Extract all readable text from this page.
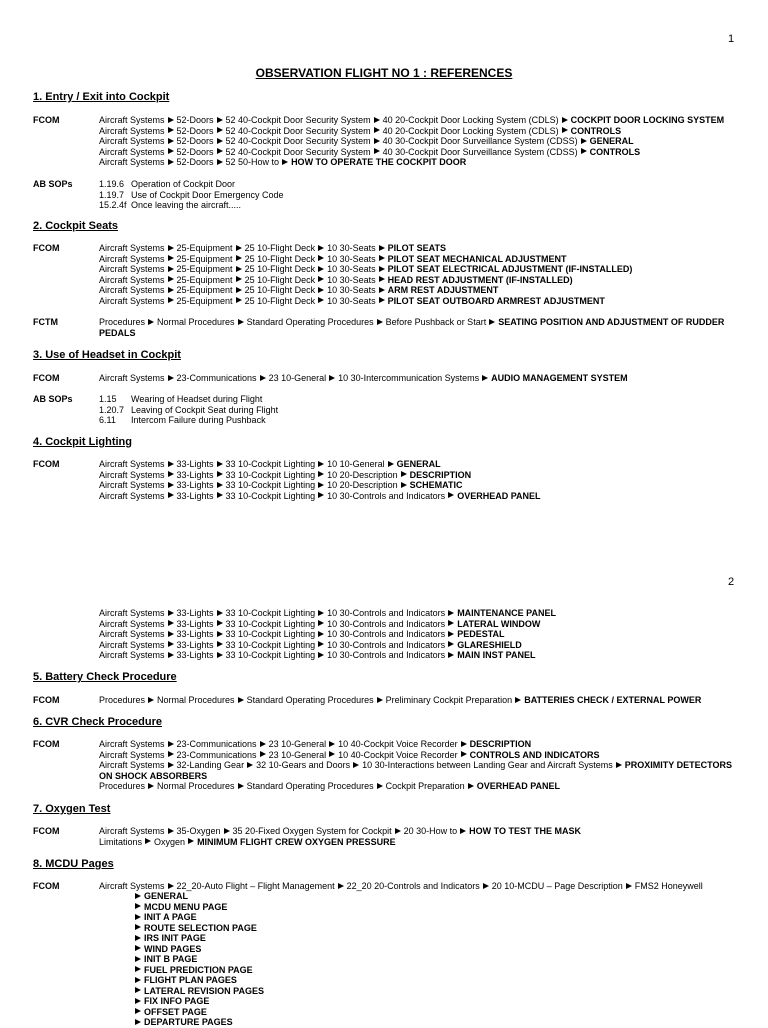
1
OBSERVATION FLIGHT NO 1 : REFERENCES
2
1. Entry / Exit into Cockpit
2. Cockpit Seats
3. Use of Headset in Cockpit
4. Cockpit Lighting
5. Battery Check Procedure
6. CVR Check Procedure
7. Oxygen Test
8. MCDU Pages
FCOM
AB SOPs
FCOM
FCTM
FCOM
AB SOPs
FCOM
FCOM
FCOM
FCOM
FCOM
Aircraft Systems 52-Doors 52 40-Cockpit Door Security System 40 20-Cockpit Door Locking System (CDLS) COCKPIT DOOR LOCKING SYSTEM
Aircraft Systems 52-Doors 52 40-Cockpit Door Security System 40 20-Cockpit Door Locking System (CDLS) CONTROLS
Aircraft Systems 52-Doors 52 40-Cockpit Door Security System 40 30-Cockpit Door Surveillance System (CDSS) GENERAL
Aircraft Systems 52-Doors 52 40-Cockpit Door Security System 40 30-Cockpit Door Surveillance System (CDSS) CONTROLS
Aircraft Systems 52-Doors 52 50-How to HOW TO OPERATE THE COCKPIT DOOR
1.19.6 Operation of Cockpit Door
1.19.7 Use of Cockpit Door Emergency Code
15.2.4f Once leaving the aircraft.....
Aircraft Systems 25-Equipment 25 10-Flight Deck 10 30-Seats PILOT SEATS
Aircraft Systems 25-Equipment 25 10-Flight Deck 10 30-Seats PILOT SEAT MECHANICAL ADJUSTMENT
Aircraft Systems 25-Equipment 25 10-Flight Deck 10 30-Seats PILOT SEAT ELECTRICAL ADJUSTMENT (IF-INSTALLED)
Aircraft Systems 25-Equipment 25 10-Flight Deck 10 30-Seats HEAD REST ADJUSTMENT (IF-INSTALLED)
Aircraft Systems 25-Equipment 25 10-Flight Deck 10 30-Seats ARM REST ADJUSTMENT
Aircraft Systems 25-Equipment 25 10-Flight Deck 10 30-Seats PILOT SEAT OUTBOARD ARMREST ADJUSTMENT
Procedures Normal Procedures Standard Operating Procedures Before Pushback or Start SEATING POSITION AND ADJUSTMENT OF RUDDER PEDALS
Aircraft Systems 23-Communications 23 10-General 10 30-Intercommunication Systems AUDIO MANAGEMENT SYSTEM
1.15	Wearing of Headset during Flight
1.20.7 Leaving of Cockpit Seat during Flight
6.11	Intercom Failure during Pushback
Aircraft Systems 33-Lights 33 10-Cockpit Lighting 10 10-General GENERAL
Aircraft Systems 33-Lights 33 10-Cockpit Lighting 10 20-Description DESCRIPTION
Aircraft Systems 33-Lights 33 10-Cockpit Lighting 10 20-Description SCHEMATIC
Aircraft Systems 33-Lights 33 10-Cockpit Lighting 10 30-Controls and Indicators OVERHEAD PANEL
Aircraft Systems 33-Lights 33 10-Cockpit Lighting 10 30-Controls and Indicators MAINTENANCE PANEL
Aircraft Systems 33-Lights 33 10-Cockpit Lighting 10 30-Controls and Indicators LATERAL WINDOW
Aircraft Systems 33-Lights 33 10-Cockpit Lighting 10 30-Controls and Indicators PEDESTAL
Aircraft Systems 33-Lights 33 10-Cockpit Lighting 10 30-Controls and Indicators GLARESHIELD
Aircraft Systems 33-Lights 33 10-Cockpit Lighting 10 30-Controls and Indicators MAIN INST PANEL
Procedures Normal Procedures Standard Operating Procedures Preliminary Cockpit Preparation BATTERIES CHECK / EXTERNAL POWER
Aircraft Systems 23-Communications 23 10-General 10 40-Cockpit Voice Recorder DESCRIPTION
Aircraft Systems 23-Communications 23 10-General 10 40-Cockpit Voice Recorder CONTROLS AND INDICATORS
Aircraft Systems 32-Landing Gear 32 10-Gears and Doors 10 30-Interactions between Landing Gear and Aircraft Systems PROXIMITY DETECTORS ON SHOCK ABSORBERS
Procedures Normal Procedures Standard Operating Procedures Cockpit Preparation OVERHEAD PANEL
Aircraft Systems 35-Oxygen 35 20-Fixed Oxygen System for Cockpit 20 30-How to HOW TO TEST THE MASK
Limitations Oxygen MINIMUM FLIGHT CREW OXYGEN PRESSURE
Aircraft Systems 22_20-Auto Flight – Flight Management 22_20 20-Controls and Indicators 20 10-MCDU – Page Description FMS2 Honeywell
GENERAL
MCDU MENU PAGE
INIT A PAGE
ROUTE SELECTION PAGE
IRS INIT PAGE
WIND PAGES
INIT B PAGE
FUEL PREDICTION PAGE
FLIGHT PLAN PAGES
LATERAL REVISION PAGES
FIX INFO PAGE
OFFSET PAGE
DEPARTURE PAGES
